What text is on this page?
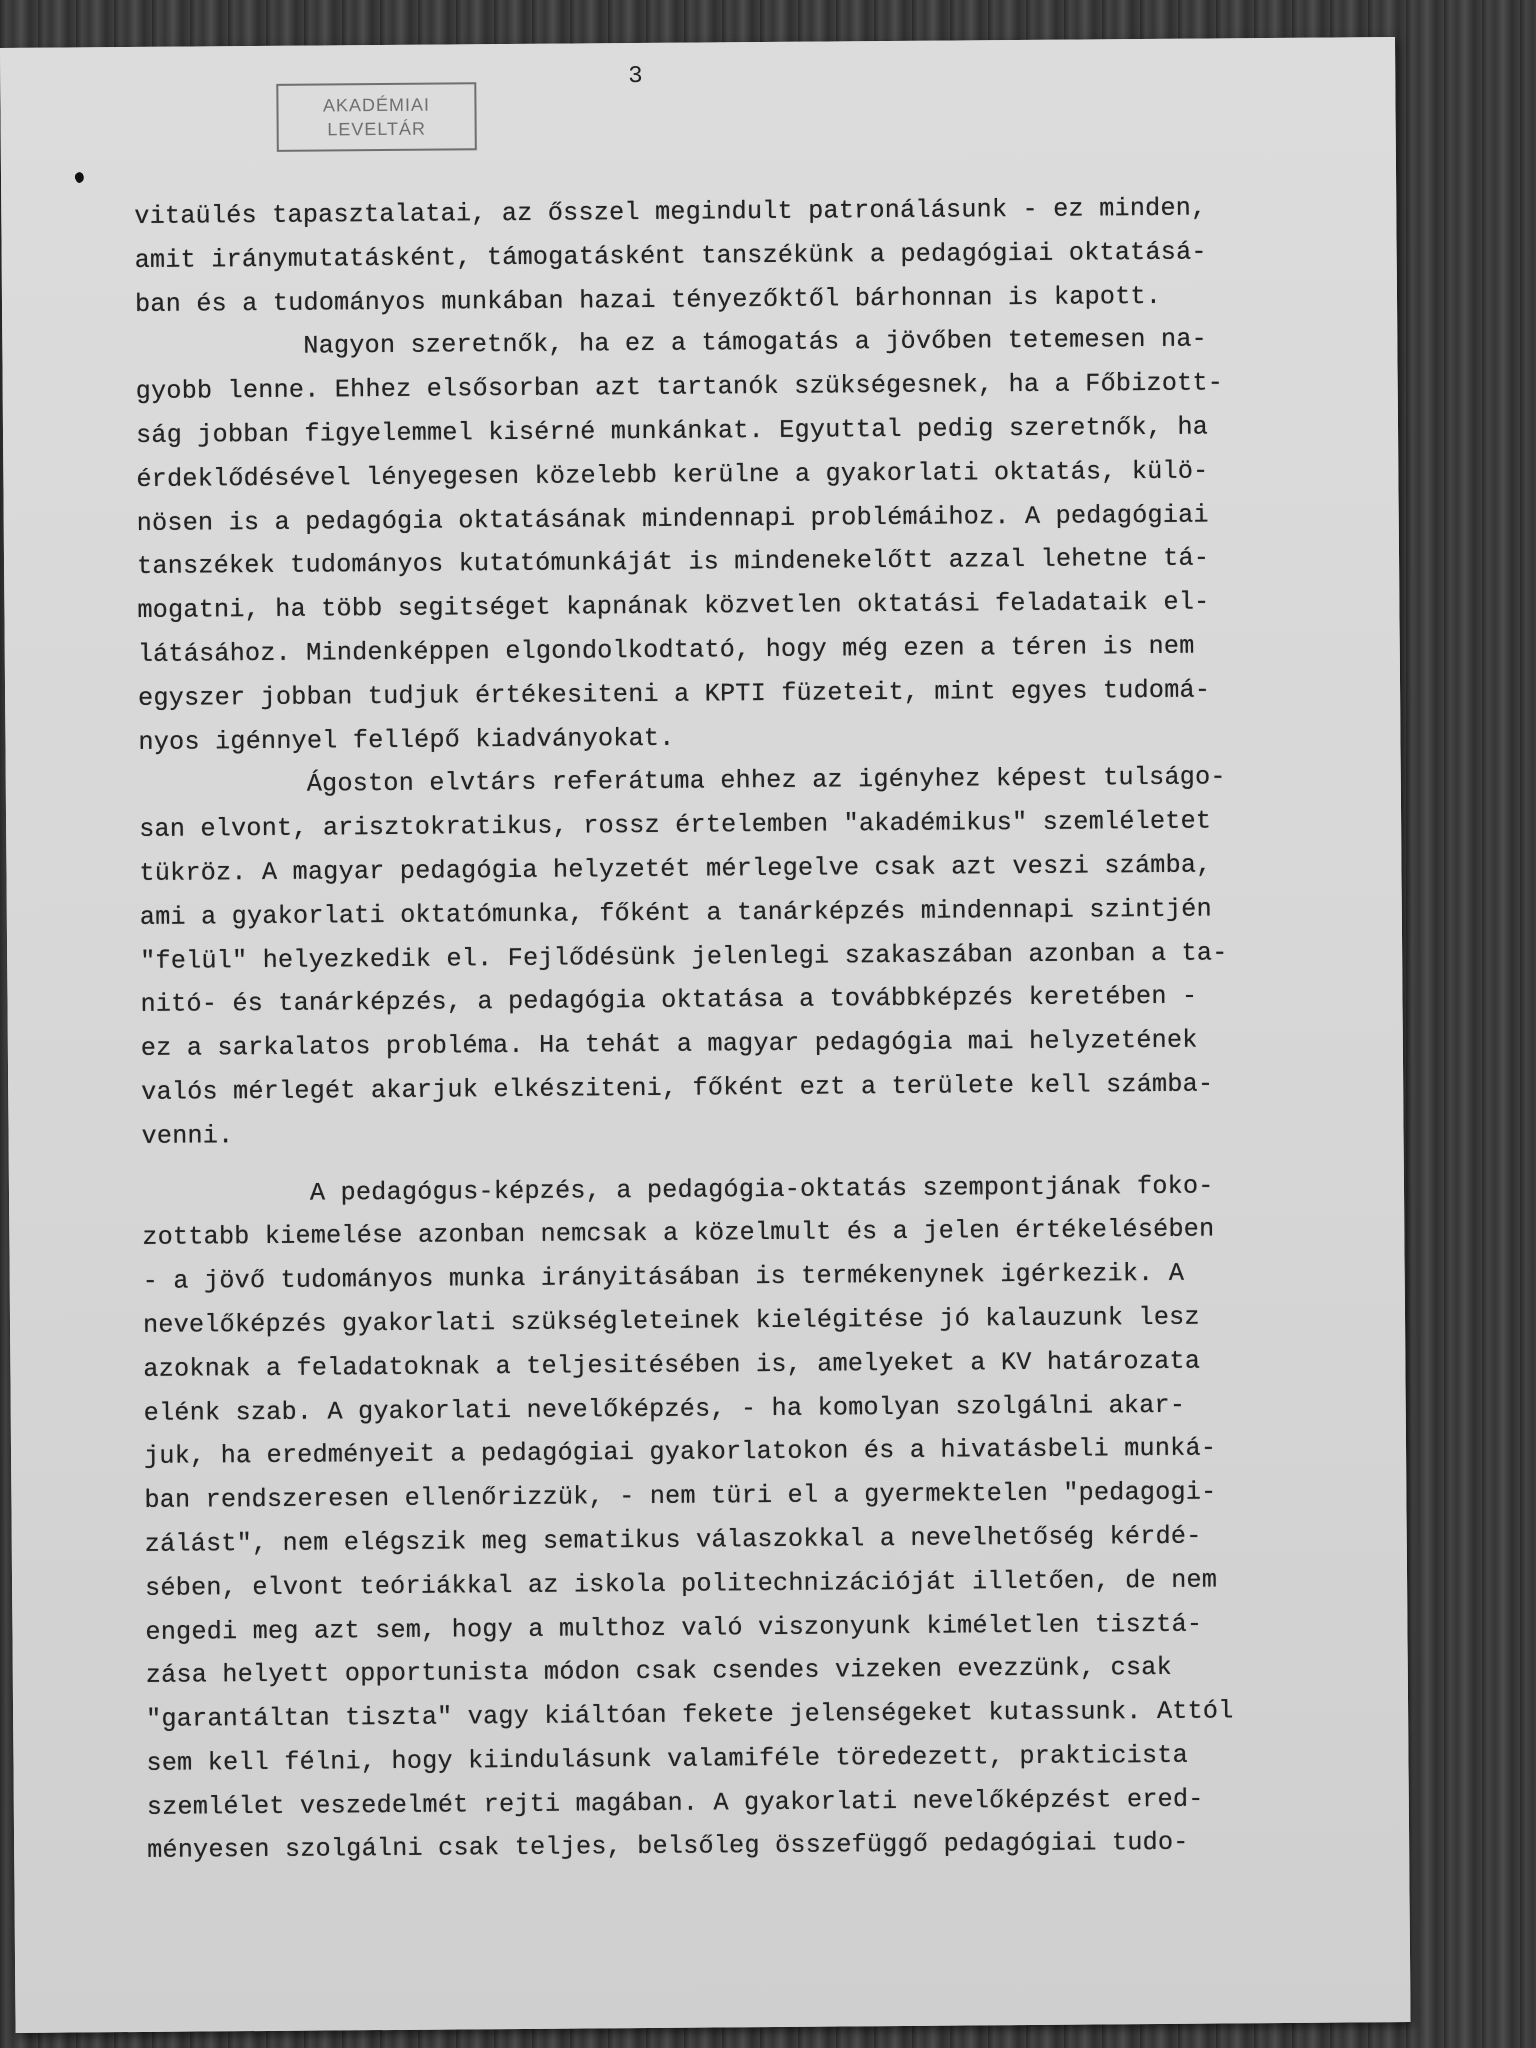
AKADÉMIAI
LEVELTÁR
3
vitaülés tapasztalatai, az ősszel megindult patronálásunk - ez minden,
amit iránymutatásként, támogatásként tanszékünk a pedagógiai oktatásá-
ban és a tudományos munkában hazai tényezőktől bárhonnan is kapott.
Nagyon szeretnők, ha ez a támogatás a jövőben tetemesen na-
gyobb lenne. Ehhez elsősorban azt tartanók szükségesnek, ha a Főbizott-
ság jobban figyelemmel kisérné munkánkat. Egyuttal pedig szeretnők, ha
érdeklődésével lényegesen közelebb kerülne a gyakorlati oktatás, külö-
nösen is a pedagógia oktatásának mindennapi problémáihoz. A pedagógiai
tanszékek tudományos kutatómunkáját is mindenekelőtt azzal lehetne tá-
mogatni, ha több segitséget kapnának közvetlen oktatási feladataik el-
látásához. Mindenképpen elgondolkodtató, hogy még ezen a téren is nem
egyszer jobban tudjuk értékesiteni a KPTI füzeteit, mint egyes tudomá-
nyos igénnyel fellépő kiadványokat.
Ágoston elvtárs referátuma ehhez az igényhez képest tulságo-
san elvont, arisztokratikus, rossz értelemben "akadémikus" szemléletet
tükröz. A magyar pedagógia helyzetét mérlegelve csak azt veszi számba,
ami a gyakorlati oktatómunka, főként a tanárképzés mindennapi szintjén
"felül" helyezkedik el. Fejlődésünk jelenlegi szakaszában azonban a ta-
nitó- és tanárképzés, a pedagógia oktatása a továbbképzés keretében -
ez a sarkalatos probléma. Ha tehát a magyar pedagógia mai helyzetének
valós mérlegét akarjuk elkésziteni, főként ezt a területe kell számba-
venni.
A pedagógus-képzés, a pedagógia-oktatás szempontjának foko-
zottabb kiemelése azonban nemcsak a közelmult és a jelen értékelésében
- a jövő tudományos munka irányitásában is termékenynek igérkezik. A
nevelőképzés gyakorlati szükségleteinek kielégitése jó kalauzunk lesz
azoknak a feladatoknak a teljesitésében is, amelyeket a KV határozata
elénk szab. A gyakorlati nevelőképzés, - ha komolyan szolgálni akar-
juk, ha eredményeit a pedagógiai gyakorlatokon és a hivatásbeli munká-
ban rendszeresen ellenőrizzük, - nem türi el a gyermektelen "pedagogi-
zálást", nem elégszik meg sematikus válaszokkal a nevelhetőség kérdé-
sében, elvont teóriákkal az iskola politechnizációját illetően, de nem
engedi meg azt sem, hogy a multhoz való viszonyunk kiméletlen tisztá-
zása helyett opportunista módon csak csendes vizeken evezzünk, csak
"garantáltan tiszta" vagy kiáltóan fekete jelenségeket kutassunk. Attól
sem kell félni, hogy kiindulásunk valamiféle töredezett, prakticista
szemlélet veszedelmét rejti magában. A gyakorlati nevelőképzést ered-
ményesen szolgálni csak teljes, belsőleg összefüggő pedagógiai tudo-
